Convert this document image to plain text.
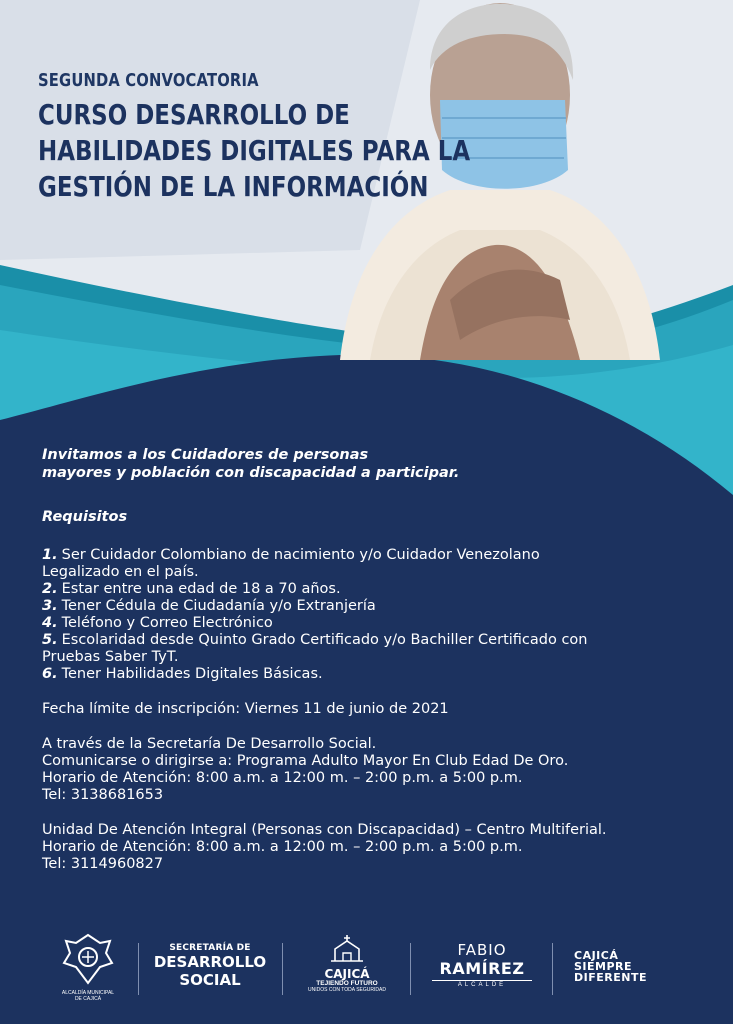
SEGUNDA CONVOCATORIA
CURSO DESARROLLO DE
HABILIDADES DIGITALES PARA LA
GESTIÓN DE LA INFORMACIÓN
Invitamos a los Cuidadores de personas
mayores y población con discapacidad a participar.
Requisitos
1. Ser Cuidador Colombiano de nacimiento y/o Cuidador Venezolano
Legalizado en el país.
2. Estar entre una edad de 18 a 70 años.
3. Tener Cédula de Ciudadanía y/o Extranjería
4. Teléfono y Correo Electrónico
5. Escolaridad desde Quinto Grado Certificado y/o Bachiller Certificado con
Pruebas Saber TyT.
6. Tener Habilidades Digitales Básicas.
Fecha límite de inscripción: Viernes 11 de junio de 2021
A través de la Secretaría De Desarrollo Social.
Comunicarse o dirigirse a: Programa Adulto Mayor En Club Edad De Oro.
Horario de Atención: 8:00 a.m. a 12:00 m. – 2:00 p.m. a 5:00 p.m.
Tel: 3138681653
Unidad De Atención Integral (Personas con Discapacidad) – Centro Multiferial.
Horario de Atención: 8:00 a.m. a 12:00 m. – 2:00 p.m. a 5:00 p.m.
Tel: 3114960827
ALCALDÍA MUNICIPAL
DE CAJICÁ
SECRETARÍA DE
DESARROLLO
SOCIAL	CAJICÁ
TEJIENDO FUTURO
UNIDOS CON TODA SEGURIDAD
FABIO
RAMÍREZ
ALCALDE
CAJICÁ
SIEMPRE
DIFERENTE
